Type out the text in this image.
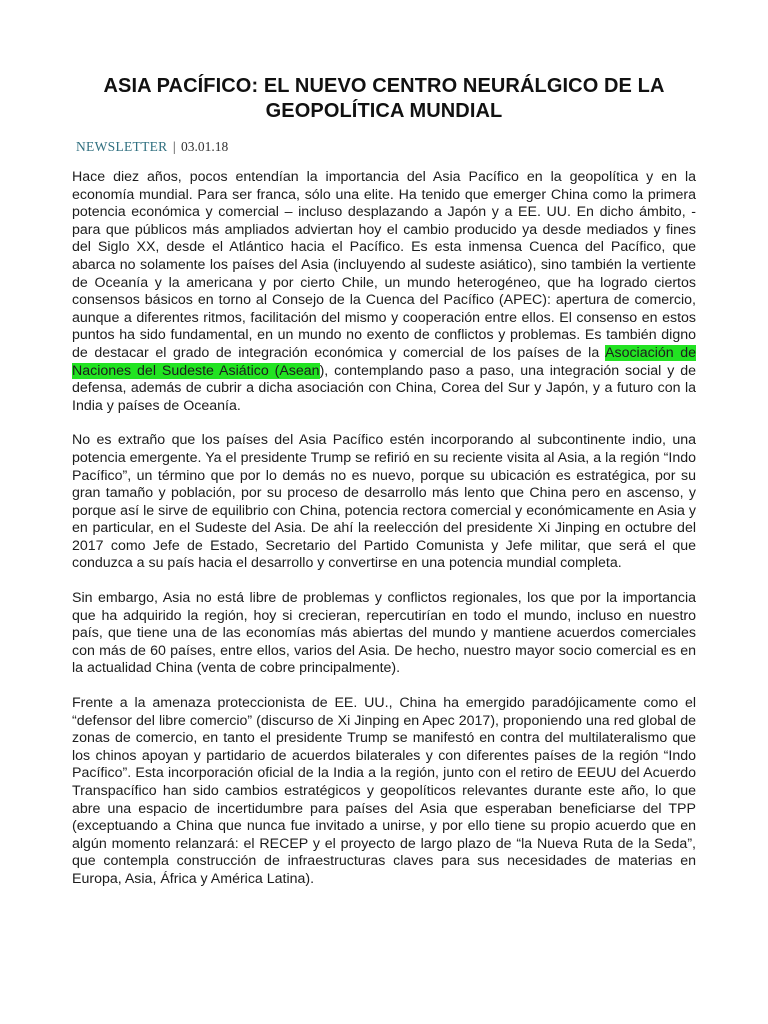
ASIA PACÍFICO: EL NUEVO CENTRO NEURÁLGICO DE LA
GEOPOLÍTICA MUNDIAL
NEWSLETTER | 03.01.18

Hace diez años, pocos entendían la importancia del Asia Pacífico en la geopolítica y en la economía mundial. Para ser franca, sólo una elite. Ha tenido que emerger China como la primera potencia económica y comercial – incluso desplazando a Japón y a EE. UU. En dicho ámbito, -para que públicos más ampliados adviertan hoy el cambio producido ya desde mediados y fines del Siglo XX, desde el Atlántico hacia el Pacífico. Es esta inmensa Cuenca del Pacífico, que abarca no solamente los países del Asia (incluyendo al sudeste asiático), sino también la vertiente de Oceanía y la americana y por cierto Chile, un mundo heterogéneo, que ha logrado ciertos consensos básicos en torno al Consejo de la Cuenca del Pacífico (APEC): apertura de comercio, aunque a diferentes ritmos, facilitación del mismo y cooperación entre ellos. El consenso en estos puntos ha sido fundamental, en un mundo no exento de conflictos y problemas. Es también digno de destacar el grado de integración económica y comercial de los países de la Asociación de Naciones del Sudeste Asiático (Asean), contemplando paso a paso, una integración social y de defensa, además de cubrir a dicha asociación con China, Corea del Sur y Japón, y a futuro con la India y países de Oceanía.

No es extraño que los países del Asia Pacífico estén incorporando al subcontinente indio, una potencia emergente. Ya el presidente Trump se refirió en su reciente visita al Asia, a la región “Indo Pacífico”, un término que por lo demás no es nuevo, porque su ubicación es estratégica, por su gran tamaño y población, por su proceso de desarrollo más lento que China pero en ascenso, y porque así le sirve de equilibrio con China, potencia rectora comercial y económicamente en Asia y en particular, en el Sudeste del Asia. De ahí la reelección del presidente Xi Jinping en octubre del 2017 como Jefe de Estado, Secretario del Partido Comunista y Jefe militar, que será el que conduzca a su país hacia el desarrollo y convertirse en una potencia mundial completa.

Sin embargo, Asia no está libre de problemas y conflictos regionales, los que por la importancia que ha adquirido la región, hoy si crecieran, repercutirían en todo el mundo, incluso en nuestro país, que tiene una de las economías más abiertas del mundo y mantiene acuerdos comerciales con más de 60 países, entre ellos, varios del Asia. De hecho, nuestro mayor socio comercial es en la actualidad China (venta de cobre principalmente).

Frente a la amenaza proteccionista de EE. UU., China ha emergido paradójicamente como el “defensor del libre comercio” (discurso de Xi Jinping en Apec 2017), proponiendo una red global de zonas de comercio, en tanto el presidente Trump se manifestó en contra del multilateralismo que los chinos apoyan y partidario de acuerdos bilaterales y con diferentes países de la región “Indo Pacífico”. Esta incorporación oficial de la India a la región, junto con el retiro de EEUU del Acuerdo Transpacífico han sido cambios estratégicos y geopolíticos relevantes durante este año, lo que abre una espacio de incertidumbre para países del Asia que esperaban beneficiarse del TPP (exceptuando a China que nunca fue invitado a unirse, y por ello tiene su propio acuerdo que en algún momento relanzará: el RECEP y el proyecto de largo plazo de “la Nueva Ruta de la Seda”, que contempla construcción de infraestructuras claves para sus necesidades de materias en Europa, Asia, África y América Latina).
